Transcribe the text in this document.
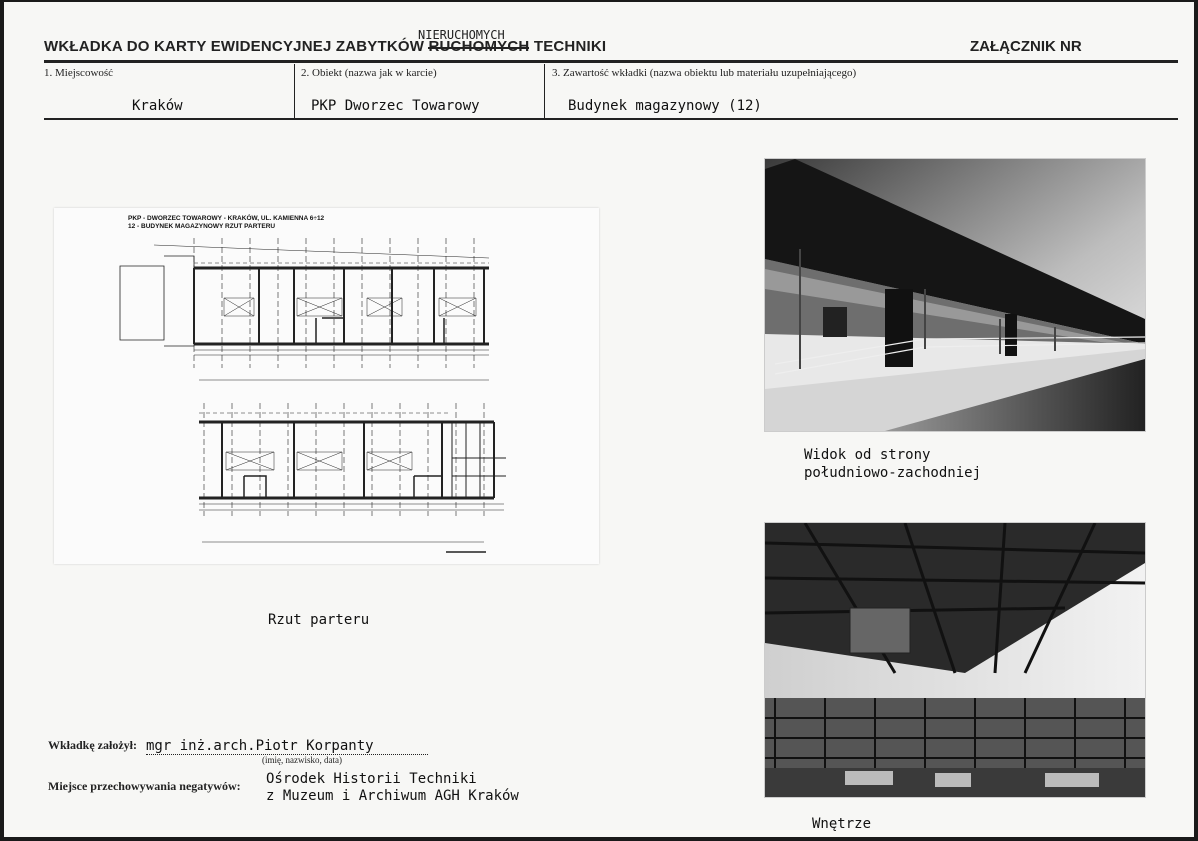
NIERUCHOMYCH
WKŁADKA DO KARTY EWIDENCYJNEJ ZABYTKÓW RUCHOMYCH TECHNIKI	ZAŁĄCZNIK NR
1. Miejscowość	2. Obiekt (nazwa jak w karcie)	3. Zawartość wkładki (nazwa obiektu lub materiału uzupełniającego)
Kraków	PKP Dworzec Towarowy	Budynek magazynowy (12)
PKP - DWORZEC TOWAROWY - KRAKÓW, UL. KAMIENNA 6÷12
12 - BUDYNEK MAGAZYNOWY RZUT PARTERU
Rzut parteru
Widok od strony
południowo-zachodniej
Wnętrze
Wkładkę założył: mgr inż.arch.Piotr Korpanty
(imię, nazwisko, data)
Miejsce przechowywania negatywów: Ośrodek Historii Techniki
z Muzeum i Archiwum AGH Kraków
